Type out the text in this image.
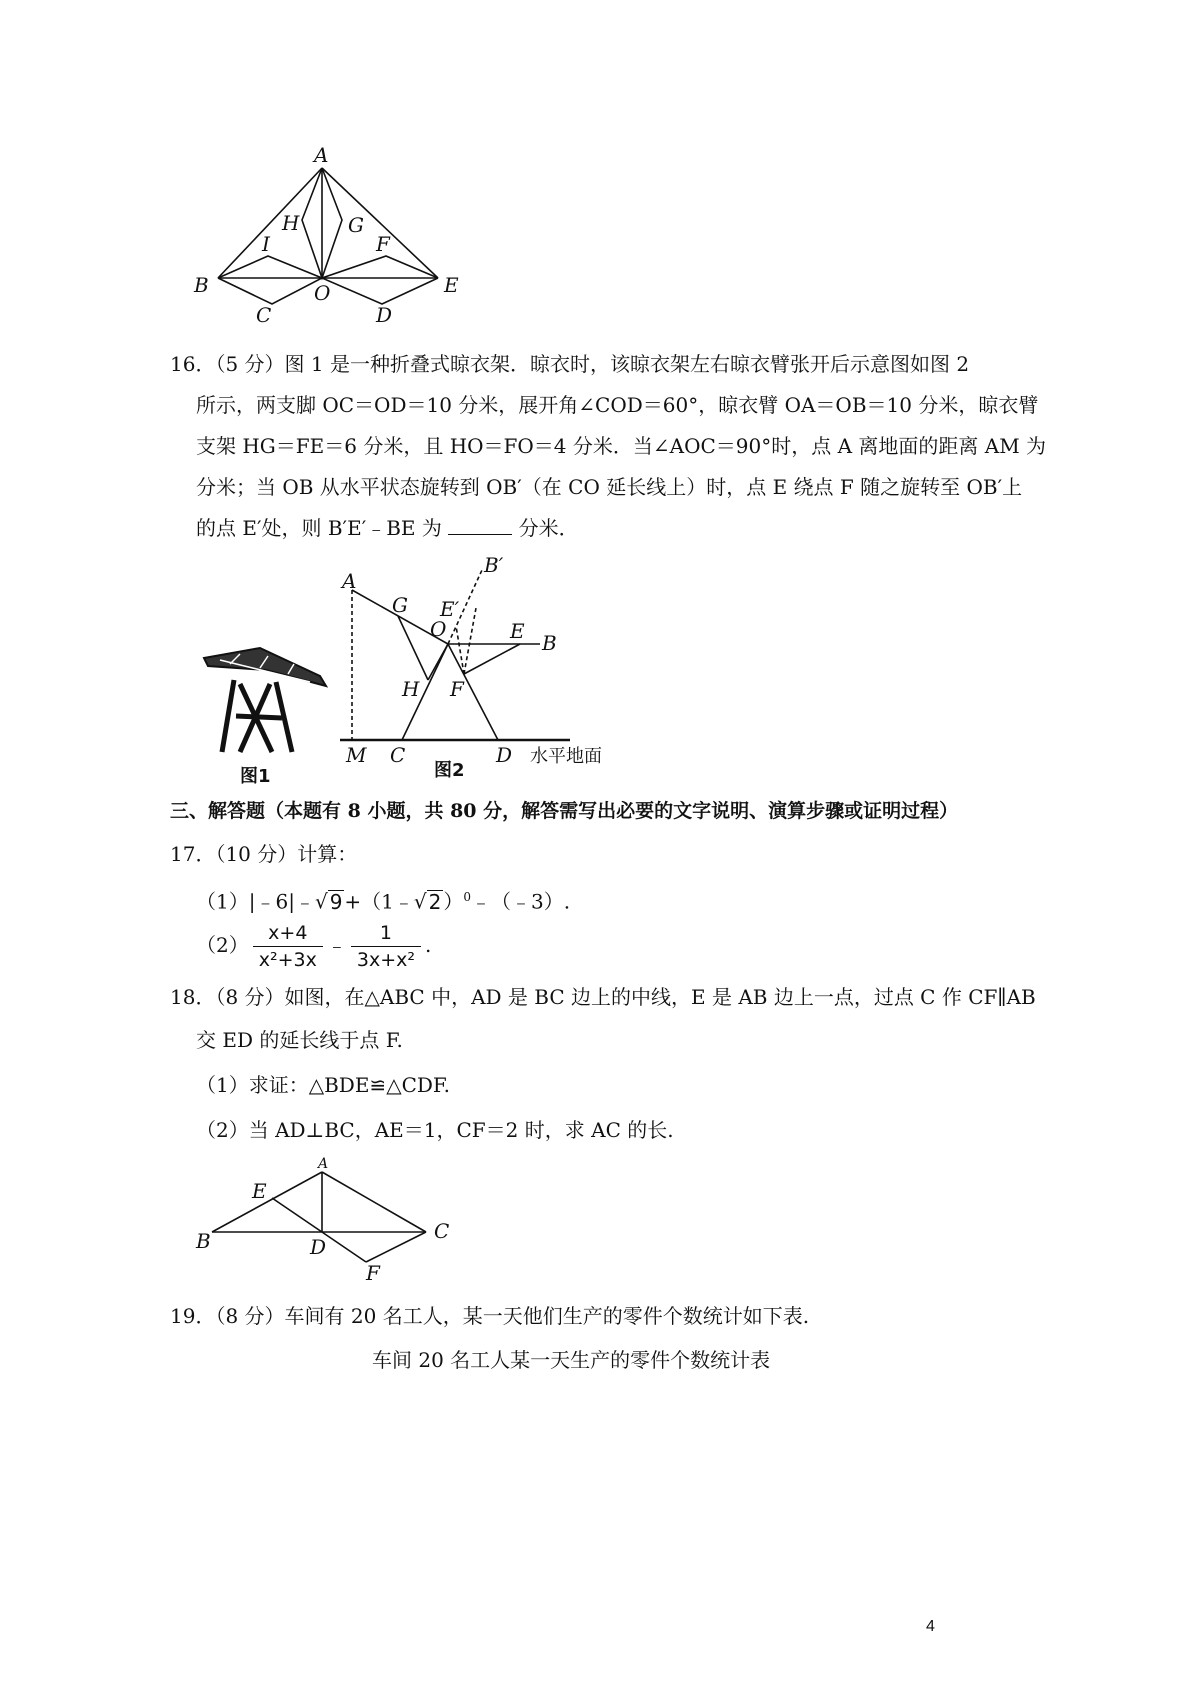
A
H G
I	F
B	O	E
C	D
16．（5 分）图 1 是一种折叠式晾衣架．晾衣时，该晾衣架左右晾衣臂张开后示意图如图 2
所示，两支脚 OC＝OD＝10 分米，展开角∠COD＝60°，晾衣臂 OA＝OB＝10 分米，晾衣臂
支架 HG＝FE＝6 分米，且 HO＝FO＝4 分米．当∠AOC＝90°时，点 A 离地面的距离 AM 为
分米；当 OB 从水平状态旋转到 OB′（在 CO 延长线上）时，点 E 绕点 F 随之旋转至 OB′上
的点 E′处，则 B′E′﹣BE 为	分米．
图1
A
G E′
B′
O	E B
H F
M C	D
图2
水平地面
三、解答题（本题有 8 小题，共 80 分，解答需写出必要的文字说明、演算步骤或证明过程）
17．（10 分）计算：
（1）|﹣6|﹣√ 9 +（1﹣√ 2 ）$^0$﹣（﹣3）.
$(2) \frac{x+4}{\text{x²+3x}}$ ﹣ $\frac{1}{\text{3x+x²}}$ .
18．（8 分）如图，在△ABC 中，AD 是 BC 边上的中线，E 是 AB 边上一点，过点 C 作 CF∥AB
交 ED 的延长线于点 F.
（1）求证：△BDE≌△CDF.
（2）当 AD⊥BC，AE＝1，CF＝2 时，求 AC 的长.
A
E
B	D
C
F
19．（8 分）车间有 20 名工人，某一天他们生产的零件个数统计如下表.
车间 20 名工人某一天生产的零件个数统计表
4
